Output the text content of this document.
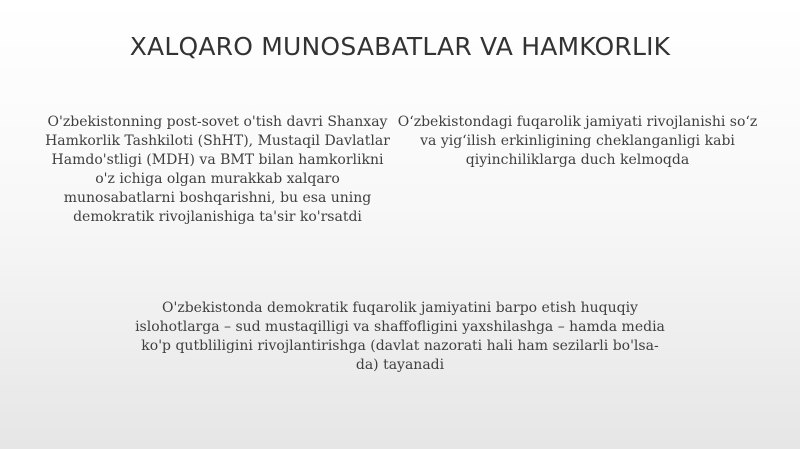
XALQARO MUNOSABATLAR VA HAMKORLIK

O'zbekistonning post-sovet o'tish davri Shanxay Hamkorlik Tashkiloti (ShHT), Mustaqil Davlatlar Hamdo'stligi (MDH) va BMT bilan hamkorlikni o'z ichiga olgan murakkab xalqaro munosabatlarni boshqarishni, bu esa uning demokratik rivojlanishiga ta'sir ko'rsatdi

O‘zbekistondagi fuqarolik jamiyati rivojlanishi so‘z va yig‘ilish erkinligining cheklanganligi kabi qiyinchiliklarga duch kelmoqda

O'zbekistonda demokratik fuqarolik jamiyatini barpo etish huquqiy islohotlarga – sud mustaqilligi va shaffofligini yaxshilashga – hamda media ko'p qutbliligini rivojlantirishga (davlat nazorati hali ham sezilarli bo'lsa-da) tayanadi
